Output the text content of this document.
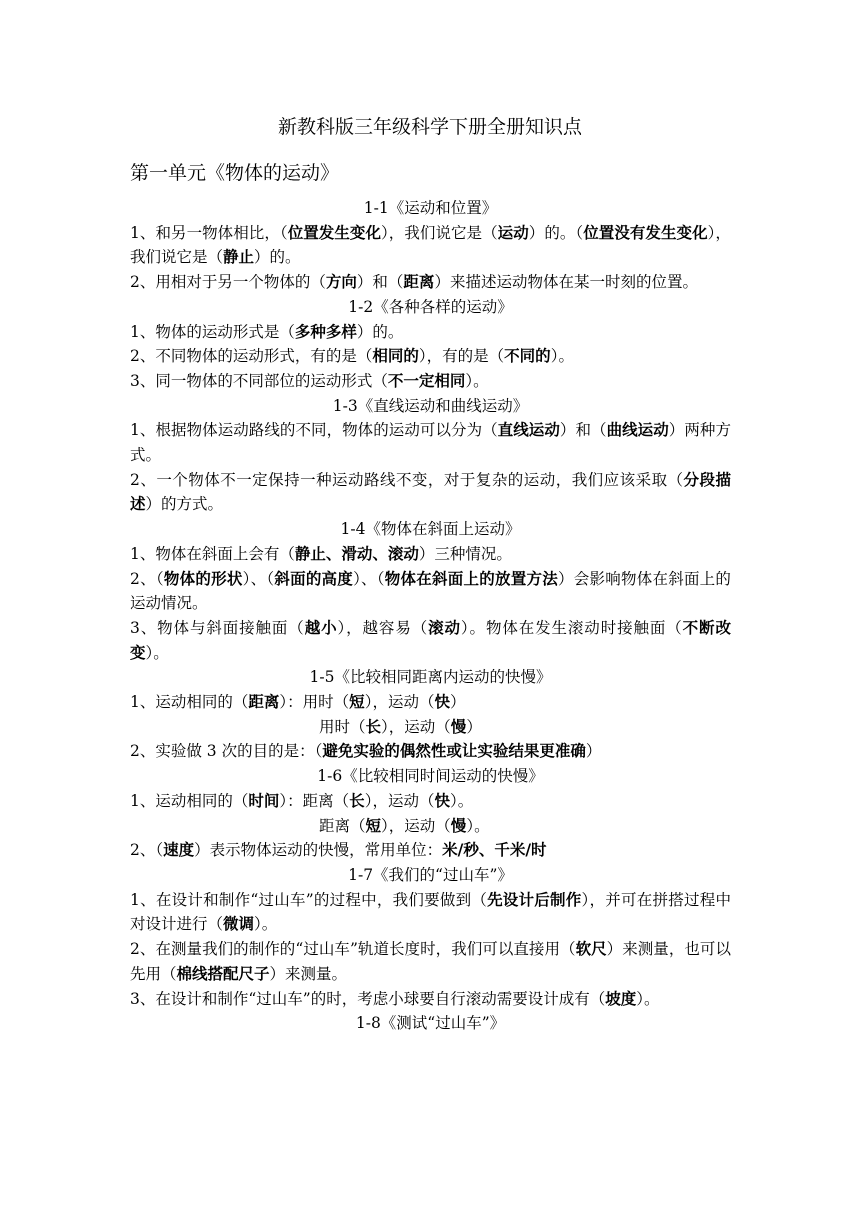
新教科版三年级科学下册全册知识点
第一单元《物体的运动》

1-1《运动和位置》

1、和另一物体相比，（位置发生变化），我们说它是（运动）的。（位置没有发生变化），我们说它是（静止）的。

2、用相对于另一个物体的（方向）和（距离）来描述运动物体在某一时刻的位置。

1-2《各种各样的运动》

1、物体的运动形式是（多种多样）的。

2、不同物体的运动形式，有的是（相同的），有的是（不同的）。

3、同一物体的不同部位的运动形式（不一定相同）。

1-3《直线运动和曲线运动》

1、根据物体运动路线的不同，物体的运动可以分为（直线运动）和（曲线运动）两种方式。

2、一个物体不一定保持一种运动路线不变，对于复杂的运动，我们应该采取（分段描述）的方式。

1-4《物体在斜面上运动》

1、物体在斜面上会有（静止、滑动、滚动）三种情况。

2、（物体的形状）、（斜面的高度）、（物体在斜面上的放置方法）会影响物体在斜面上的运动情况。

3、物体与斜面接触面（越小），越容易（滚动）。物体在发生滚动时接触面（不断改变）。

1-5《比较相同距离内运动的快慢》

1、运动相同的（距离）：用时（短），运动（快）

用时（长），运动（慢）

2、实验做 3 次的目的是：（避免实验的偶然性或让实验结果更准确）

1-6《比较相同时间运动的快慢》

1、运动相同的（时间）：距离（长），运动（快）。

距离（短），运动（慢）。

2、（速度）表示物体运动的快慢，常用单位：米/秒、千米/时

1-7《我们的“过山车”》

1、在设计和制作“过山车”的过程中，我们要做到（先设计后制作），并可在拼搭过程中对设计进行（微调）。

2、在测量我们的制作的“过山车”轨道长度时，我们可以直接用（软尺）来测量，也可以先用（棉线搭配尺子）来测量。

3、在设计和制作“过山车”的时，考虑小球要自行滚动需要设计成有（坡度）。

1-8《测试“过山车”》
